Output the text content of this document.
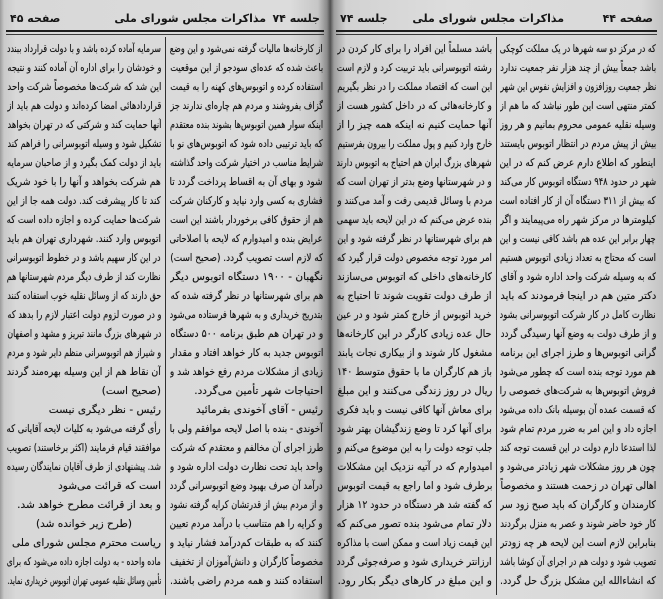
صفحه ۴۵	مذاکرات مجلس شورای ملی جلسه ۷۴
از کارخانه‌ها مالیات گرفته نمی‌شود و این وضع
باعث شده که عده‌ای سودجو از این موقعیت
استفاده کرده و اتوبوس‌های کهنه را به قیمت
گزاف بفروشند و مردم هم چاره‌ای ندارند جز
اینکه سوار همین اتوبوس‌ها بشوند بنده معتقدم
که باید ترتیبی داده شود که اتوبوس‌های نو با
شرایط مناسب در اختیار شرکت واحد گذاشته
شود و بهای آن به اقساط پرداخت گردد تا
فشاری به کسی وارد نیاید و کارکنان شرکت
هم از حقوق کافی برخوردار باشند این است
عرایض بنده و امیدوارم که لایحه با اصلاحاتی
که لازم است تصویب گردد. (صحیح است)
نگهبان - ۱۹۰۰ دستگاه اتوبوس دیگر
هم برای شهرستانها در نظر گرفته شده که
بتدریج خریداری و به شهرها فرستاده می‌شود
و در تهران هم طبق برنامه ۵۰۰ دستگاه
اتوبوس جدید به کار خواهد افتاد و مقدار
زیادی از مشکلات مردم رفع خواهد شد و
احتیاجات شهر تأمین می‌گردد.
رئیس - آقای آخوندی بفرمائید
آخوندی - بنده با اصل لایحه موافقم ولی با
طرز اجرای آن مخالفم و معتقدم که شرکت
واحد باید تحت نظارت دولت اداره شود و
درآمد آن صرف بهبود وضع اتوبوسرانی گردد
و از مردم بیش از قدرتشان کرایه گرفته نشود
و کرایه را هم متناسب با درآمد مردم تعیین
کنند که به طبقات کم‌درآمد فشار نیاید و
مخصوصاً کارگران و دانش‌آموزان از تخفیف
استفاده کنند و همه مردم راضی باشند.
سرمایه آماده کرده باشد و با دولت قرارداد ببندد
و خودشان را برای اداره آن آماده کنند و نتیجه
این شد که شرکت‌ها مخصوصاً شرکت واحد
قراردادهائی امضا کرده‌اند و دولت هم باید از
آنها حمایت کند و شرکتی که در تهران بخواهد
تشکیل شود و وسیله اتوبوسرانی را فراهم کند
باید از دولت کمک بگیرد و از صاحبان سرمایه
هم شرکت بخواهد و آنها را با خود شریک
کند تا کار پیشرفت کند. دولت همه جا از این
شرکت‌ها حمایت کرده و اجازه داده است که
اتوبوس وارد کنند. شهرداری تهران هم باید
در این کار سهیم باشد و در خطوط اتوبوسرانی
نظارت کند از طرف دیگر مردم شهرستانها هم
حق دارند که از وسائل نقلیه خوب استفاده کنند
و در صورت لزوم دولت اعتبار لازم را بدهد که
در شهرهای بزرگ مانند تبریز و مشهد و اصفهان
و شیراز هم اتوبوسرانی منظم دایر شود و مردم
آن نقاط هم از این وسیله بهره‌مند گردند
(صحیح است)
رئیس - نظر دیگری نیست
رأی گرفته می‌شود به کلیات لایحه آقایانی که
موافقند قیام فرمایند (اکثر برخاستند) تصویب
شد. پیشنهادی از طرف آقایان نمایندگان رسیده
است که قرائت می‌شود
و بعد از قرائت مطرح خواهد شد.
(طرح زیر خوانده شد)
ریاست محترم مجلس شورای ملی
ماده واحده - به دولت اجازه داده می‌شود که برای
تأمین وسائل نقلیه عمومی تهران اتوبوس خریداری نماید.
جلسه ۷۴ مذاکرات مجلس شورای ملی	صفحه ۴۴
که در مرکز دو سه شهرها در یک مملکت کوچکی
باشد جمعاً بیش از چند هزار نفر جمعیت ندارد
نظر جمعیت روزافزون و افزایش نفوس این شهر
کمتر منتهی است این طور نباشد که ما هم از
وسیله نقلیه عمومی محروم بمانیم و هر روز
بیش از پیش مردم در انتظار اتوبوس بایستند
اینطور که اطلاع دارم عرض کنم که در این
شهر در حدود ۹۴۸ دستگاه اتوبوس کار می‌کند
که بیش از ۳۱۱ دستگاه آن از کار افتاده است
کیلومترها در مرکز شهر راه می‌پیمایند و اگر
چهار برابر این عده هم باشد کافی نیست و این
است که محتاج به تعداد زیادی اتوبوس هستیم
که به وسیله شرکت واحد اداره شود و آقای
دکتر متین هم در اینجا فرمودند که باید
نظارت کامل در کار شرکت اتوبوسرانی بشود
و از طرف دولت به وضع آنها رسیدگی گردد
گرانی اتوبوس‌ها و طرز اجرای این برنامه
هم مورد توجه بنده است که چطور می‌شود
فروش اتوبوس‌ها به شرکت‌های خصوصی را
که قسمت عمده آن بوسیله بانک داده می‌شود
اجازه داد و این امر به ضرر مردم تمام شود
لذا استدعا دارم دولت در این قسمت توجه کند
چون هر روز مشکلات شهر زیادتر می‌شود و
اهالی تهران در زحمت هستند و مخصوصاً
کارمندان و کارگران که باید صبح زود سر
کار خود حاضر شوند و عصر به منزل برگردند
بنابراین لازم است این لایحه هر چه زودتر
تصویب شود و دولت هم در اجرای آن کوشا باشد
که انشاءالله این مشکل بزرگ حل گردد.
باشد مسلماً این افراد را برای کار کردن در
رشته اتوبوسرانی باید تربیت کرد و لازم است
این است که اقتصاد مملکت را در نظر بگیریم
و کارخانه‌هائی که در داخل کشور هست از
آنها حمایت کنیم نه اینکه همه چیز را از
خارج وارد کنیم و پول مملکت را بیرون بفرستیم
شهرهای بزرگ ایران هم احتیاج به اتوبوس دارند
و در شهرستانها وضع بدتر از تهران است که
مردم با وسائل قدیمی رفت و آمد می‌کنند و
بنده عرض می‌کنم که در این لایحه باید سهمی
هم برای شهرستانها در نظر گرفته شود و این
امر مورد توجه مخصوص دولت قرار گیرد که
کارخانه‌های داخلی که اتوبوس می‌سازند
از طرف دولت تقویت شوند تا احتیاج به
خرید اتوبوس از خارج کمتر شود و در عین
حال عده زیادی کارگر در این کارخانه‌ها
مشغول کار شوند و از بیکاری نجات یابند
باز هم کارگران ما با حقوق متوسط ۱۴۰
ریال در روز زندگی می‌کنند و این مبلغ
برای معاش آنها کافی نیست و باید فکری
برای آنها کرد تا وضع زندگیشان بهتر شود
جلب توجه دولت را به این موضوع می‌کنم و
امیدوارم که در آتیه نزدیک این مشکلات
برطرف شود و اما راجع به قیمت اتوبوس
که گفته شد هر دستگاه در حدود ۱۲ هزار
دلار تمام می‌شود بنده تصور می‌کنم که
این قیمت زیاد است و ممکن است با مذاکره
ارزانتر خریداری شود و صرفه‌جوئی گردد
و این مبلغ در کارهای دیگر بکار رود.
